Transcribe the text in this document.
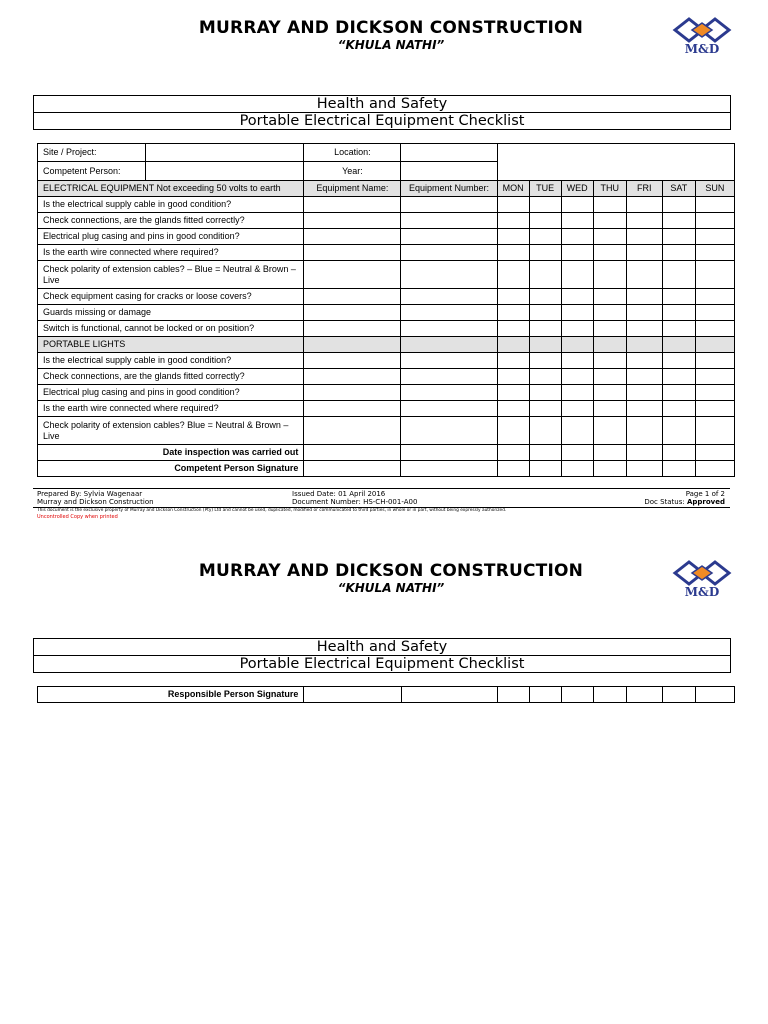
MURRAY AND DICKSON CONSTRUCTION
“KHULA NATHI”	M&D
Health and Safety
Portable Electrical Equipment Checklist
Site / Project:		Location:								
Competent Person:		Year:								
ELECTRICAL EQUIPMENT Not exceeding 50 volts to earth		Equipment Name:	Equipment Number:	MON	TUE	WED	THU	FRI	SAT	SUN
Is the electrical supply cable in good condition?										
Check connections, are the glands fitted correctly?										
Electrical plug casing and pins in good condition?										
Is the earth wire connected where required?										
Check polarity of extension cables? – Blue = Neutral & Brown – Live										
Check equipment casing for cracks or loose covers?										
Guards missing or damage										
Switch is functional, cannot be locked or on position?										
PORTABLE LIGHTS										
Is the electrical supply cable in good condition?										
Check connections, are the glands fitted correctly?										
Electrical plug casing and pins in good condition?										
Is the earth wire connected where required?										
Check polarity of extension cables? Blue = Neutral & Brown – Live										
Date inspection was carried out										
Competent Person Signature										
Prepared By: Sylvia Wagenaar
Murray and Dickson Construction
Issued Date: 01 April 2016
Document Number: HS-CH-001-A00
Page 1 of 2
Doc Status: Approved
This document is the exclusive property of Murray and Dickson Construction (Pty) Ltd and cannot be used, duplicated, modified or communicated to third parties, in whole or in part, without being expressly authorized.
Uncontrolled Copy when printed
MURRAY AND DICKSON CONSTRUCTION
“KHULA NATHI”	M&D
Health and Safety
Portable Electrical Equipment Checklist
Responsible Person Signature									
